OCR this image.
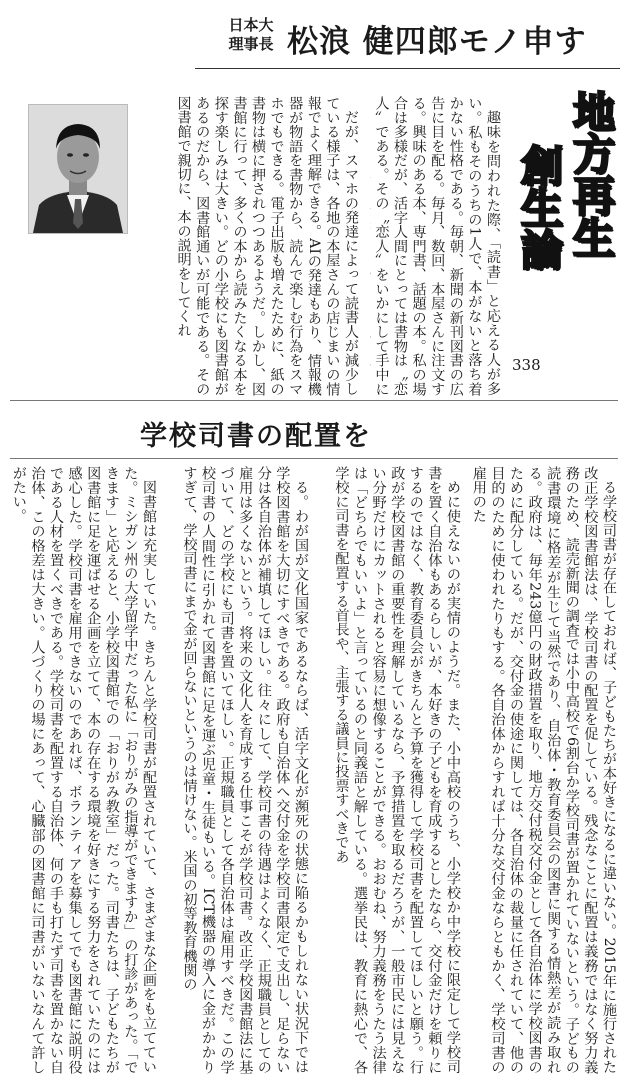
日本大
理事長 松浪 健四郎モノ申す
地方再生
創生論
338

だが、スマホの発達によって読書人が減少している様子は、各地の本屋さんの店じまいの情報でよく理解できる。AIの発達もあり、情報機器が物語を書物から、読んで楽しむ行為をスマホでもできる。電子出版も増えたために、紙の書物は横に押されつつあるようだ。しかし、図書館に行って、多くの本から読みたくなる本を探す楽しみは大きい。どの小学校にも図書館があるのだから、図書館通いが可能である。その図書館で親切に、本の説明をしてくれ	趣味を問われた際、「読書」と応える人が多い。私もそのうちの1人で、本がないと落ち着かない性格である。毎朝、新聞の新刊図書の広告に目を配る。毎月、数回、本屋さんに注文する。興味のある本、専門書、話題の本。私の場合は多様だが、活字人間にとっては書物は〝恋人〟である。その〝恋人〟をいかにして手中に

学校司書の配置を

る学校司書が存在しておれば、子どもたちが本好きになるに違いない。2015年に施行された改正学校図書館法は、学校司書の配置を促している。残念なことに配置は義務ではなく努力義務のため、読売新聞の調査では小中高校で6割台か学校司書が置かれていないという。子どもの読書環境に格差が生じて当然であり、自治体・教育委員会の図書に関する情熱差が読み取れる。政府は、毎年243億円の財政措置を取り、地方交付税交付金として各自治体に学校図書のために配分している。だが、交付金の使途に関しては、各自治体の裁量に任されていて、他の目的のために使われたりもする。各自治体からすれば十分な交付金ならともかく、学校司書の雇用のた

めに使えないのが実情のようだ。また、小中高校のうち、小学校か中学校に限定して学校司書を置く自治体もあるらしいが、本好きの子どもを育成するとしたなら、交付金だけを頼りにするのではなく、教育委員会がきちんと予算を獲得して学校司書を配置してほしいと願う。行政が学校図書館の重要性を理解しているなら、予算措置を取るだろうが、一般市民には見えない分野だけにカットされると容易に想像することができる。おおむね、努力義務をうたう法律は「どちらでもいいよ」と言っているのと同義語と解している。選挙民は、教育に熱心で、各学校に司書を配置する首長や、主張する議員に投票すべきであ

る。わが国が文化国家であるならば、活字文化が瀕死の状態に陥るかもしれない状況下では学校図書館を大切にすべきである。政府も自治体へ交付金を学校司書限定で支出し、足らない分は各自治体が補填してほしい。往々にして、学校司書の待遇はよくなく、正規職員としての雇用は多くないという。将来の文化人を育成する仕事こそが学校司書。改正学校図書館法に基づいて、どの学校にも司書を置いてほしい。正規職員として各自治体は雇用すべきだ。この学校司書の人間性に引かれて図書館に足を運ぶ児童・生徒もいる。ICT機器の導入に金がかかりすぎて、学校司書にまで金が回らないというのは情けない。米国の初等教育機関の

図書館は充実していた。きちんと学校司書が配置されていて、さまざまな企画をも立てていた。ミシガン州の大学留学中だった私に「おりがみの指導ができますか」の打診があった。「できます」と応えると、小学校図書館での「おりがみ教室」だった。司書たちは、子どもたちが図書館に足を運ばせる企画を立てて、本の存在する環境を好きにする努力をされていたのには感心した。学校司書を雇用できないのであれば、ボランティアを募集してでも図書館に説明役である人材を置くべきである。学校司書を配置する自治体、何の手も打たず司書を置かない自治体、この格差は大きい。人づくりの場にあって、心臓部の図書館に司書がいないなんて許しがたい。
